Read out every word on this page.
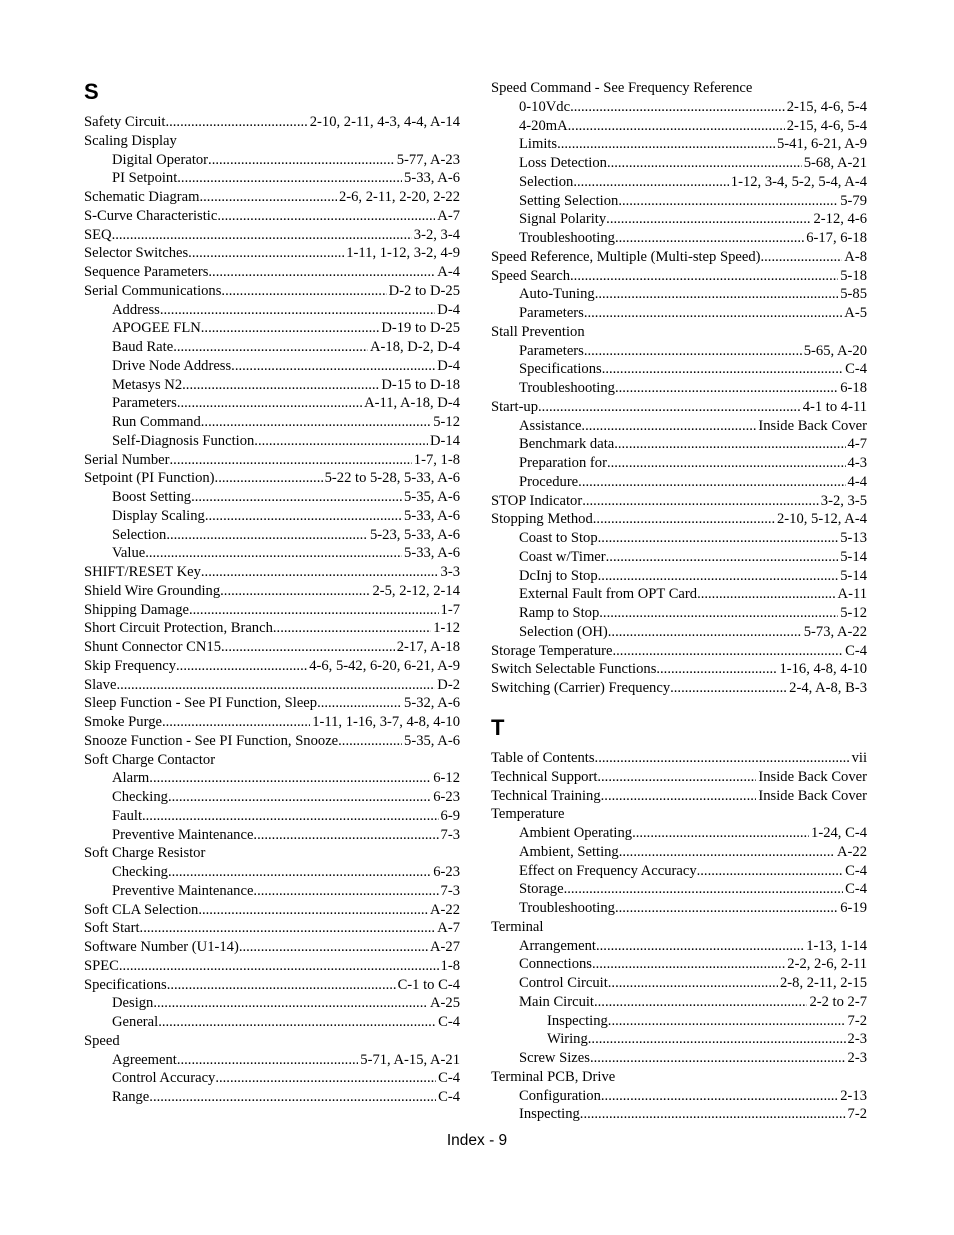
S
Safety Circuit .....	2-10, 2-11, 4-3, 4-4, A-14
Scaling Display
Digital Operator .....	5-77, A-23
PI Setpoint .....	5-33, A-6
Schematic Diagram .....	2-6, 2-11, 2-20, 2-22
S-Curve Characteristic .....	A-7
SEQ .....	3-2, 3-4
Selector Switches .....	1-11, 1-12, 3-2, 4-9
Sequence Parameters .....	A-4
Serial Communications .....	D-2 to D-25
Address .....	D-4
APOGEE FLN .....	D-19 to D-25
Baud Rate .....	A-18, D-2, D-4
Drive Node Address .....	D-4
Metasys N2 .....	D-15 to D-18
Parameters .....	A-11, A-18, D-4
Run Command .....	5-12
Self-Diagnosis Function .....	D-14
Serial Number .....	1-7, 1-8
Setpoint (PI Function) .....	5-22 to 5-28, 5-33, A-6
Boost Setting .....	5-35, A-6
Display Scaling .....	5-33, A-6
Selection .....	5-23, 5-33, A-6
Value .....	5-33, A-6
SHIFT/RESET Key .....	3-3
Shield Wire Grounding .....	2-5, 2-12, 2-14
Shipping Damage .....	1-7
Short Circuit Protection, Branch .....	1-12
Shunt Connector CN15 .....	2-17, A-18
Skip Frequency .....	4-6, 5-42, 6-20, 6-21, A-9
Slave .....	D-2
Sleep Function - See PI Function, Sleep .....	5-32, A-6
Smoke Purge .....	1-11, 1-16, 3-7, 4-8, 4-10
Snooze Function - See PI Function, Snooze .....	5-35, A-6
Soft Charge Contactor
Alarm .....	6-12
Checking .....	6-23
Fault .....	6-9
Preventive Maintenance .....	7-3
Soft Charge Resistor
Checking .....	6-23
Preventive Maintenance .....	7-3
Soft CLA Selection .....	A-22
Soft Start .....	A-7
Software Number (U1-14) .....	A-27
SPEC .....	1-8
Specifications .....	C-1 to C-4
Design .....	A-25
General .....	C-4
Speed
Agreement .....	5-71, A-15, A-21
Control Accuracy .....	C-4
Range .....	C-4
Speed Command - See Frequency Reference
0-10Vdc .....	2-15, 4-6, 5-4
4-20mA .....	2-15, 4-6, 5-4
Limits .....	5-41, 6-21, A-9
Loss Detection .....	5-68, A-21
Selection .....	1-12, 3-4, 5-2, 5-4, A-4
Setting Selection .....	5-79
Signal Polarity .....	2-12, 4-6
Troubleshooting .....	6-17, 6-18
Speed Reference, Multiple (Multi-step Speed) .....	A-8
Speed Search .....	5-18
Auto-Tuning .....	5-85
Parameters .....	A-5
Stall Prevention
Parameters .....	5-65, A-20
Specifications .....	C-4
Troubleshooting .....	6-18
Start-up .....	4-1 to 4-11
Assistance .....	Inside Back Cover
Benchmark data .....	4-7
Preparation for .....	4-3
Procedure .....	4-4
STOP Indicator .....	3-2, 3-5
Stopping Method .....	2-10, 5-12, A-4
Coast to Stop .....	5-13
Coast w/Timer .....	5-14
DcInj to Stop .....	5-14
External Fault from OPT Card .....	A-11
Ramp to Stop .....	5-12
Selection (OH) .....	5-73, A-22
Storage Temperature .....	C-4
Switch Selectable Functions .....	1-16, 4-8, 4-10
Switching (Carrier) Frequency .....	2-4, A-8, B-3
T
Table of Contents .....	vii
Technical Support .....	Inside Back Cover
Technical Training .....	Inside Back Cover
Temperature
Ambient Operating .....	1-24, C-4
Ambient, Setting .....	A-22
Effect on Frequency Accuracy .....	C-4
Storage .....	C-4
Troubleshooting .....	6-19
Terminal
Arrangement .....	1-13, 1-14
Connections .....	2-2, 2-6, 2-11
Control Circuit .....	2-8, 2-11, 2-15
Main Circuit .....	2-2 to 2-7
Inspecting .....	7-2
Wiring .....	2-3
Screw Sizes .....	2-3
Terminal PCB, Drive
Configuration .....	2-13
Inspecting .....	7-2
Index - 9
